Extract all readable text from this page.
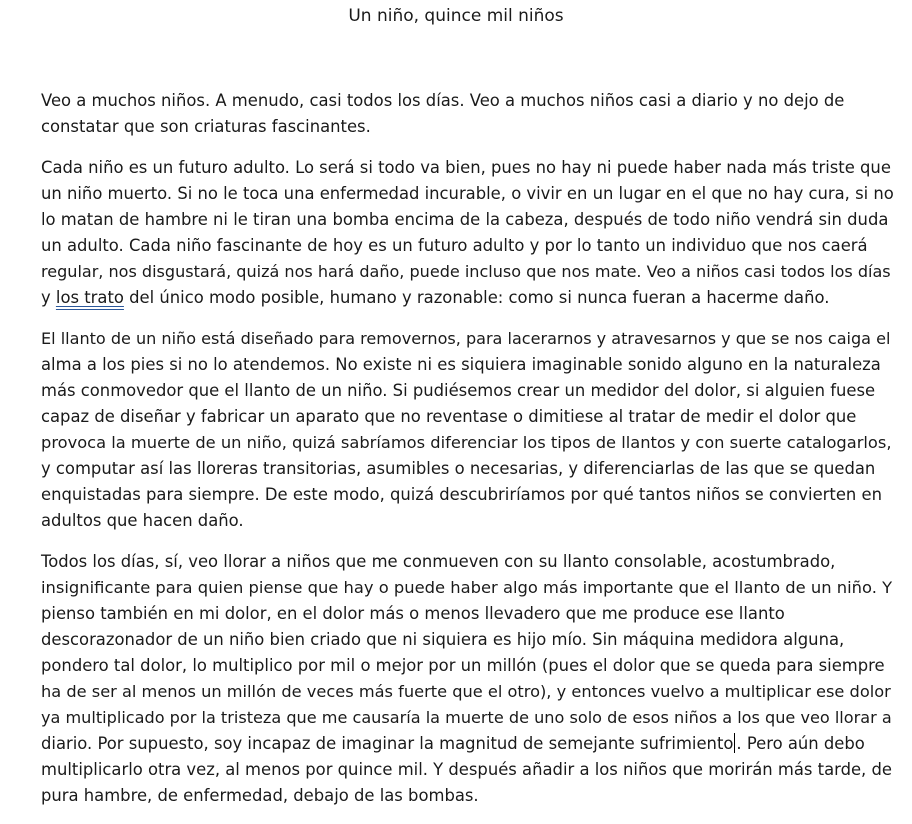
Un niño, quince mil niños

Veo a muchos niños. A menudo, casi todos los días. Veo a muchos niños casi a diario y no dejo de
constatar que son criaturas fascinantes.

Cada niño es un futuro adulto. Lo será si todo va bien, pues no hay ni puede haber nada más triste que
un niño muerto. Si no le toca una enfermedad incurable, o vivir en un lugar en el que no hay cura, si no
lo matan de hambre ni le tiran una bomba encima de la cabeza, después de todo niño vendrá sin duda
un adulto. Cada niño fascinante de hoy es un futuro adulto y por lo tanto un individuo que nos caerá
regular, nos disgustará, quizá nos hará daño, puede incluso que nos mate. Veo a niños casi todos los días
y los trato del único modo posible, humano y razonable: como si nunca fueran a hacerme daño.

El llanto de un niño está diseñado para removernos, para lacerarnos y atravesarnos y que se nos caiga el
alma a los pies si no lo atendemos. No existe ni es siquiera imaginable sonido alguno en la naturaleza
más conmovedor que el llanto de un niño. Si pudiésemos crear un medidor del dolor, si alguien fuese
capaz de diseñar y fabricar un aparato que no reventase o dimitiese al tratar de medir el dolor que
provoca la muerte de un niño, quizá sabríamos diferenciar los tipos de llantos y con suerte catalogarlos,
y computar así las lloreras transitorias, asumibles o necesarias, y diferenciarlas de las que se quedan
enquistadas para siempre. De este modo, quizá descubriríamos por qué tantos niños se convierten en
adultos que hacen daño.

Todos los días, sí, veo llorar a niños que me conmueven con su llanto consolable, acostumbrado,
insignificante para quien piense que hay o puede haber algo más importante que el llanto de un niño. Y
pienso también en mi dolor, en el dolor más o menos llevadero que me produce ese llanto
descorazonador de un niño bien criado que ni siquiera es hijo mío. Sin máquina medidora alguna,
pondero tal dolor, lo multiplico por mil o mejor por un millón (pues el dolor que se queda para siempre
ha de ser al menos un millón de veces más fuerte que el otro), y entonces vuelvo a multiplicar ese dolor
ya multiplicado por la tristeza que me causaría la muerte de uno solo de esos niños a los que veo llorar a
diario. Por supuesto, soy incapaz de imaginar la magnitud de semejante sufrimiento . Pero aún debo
multiplicarlo otra vez, al menos por quince mil. Y después añadir a los niños que morirán más tarde, de
pura hambre, de enfermedad, debajo de las bombas.
